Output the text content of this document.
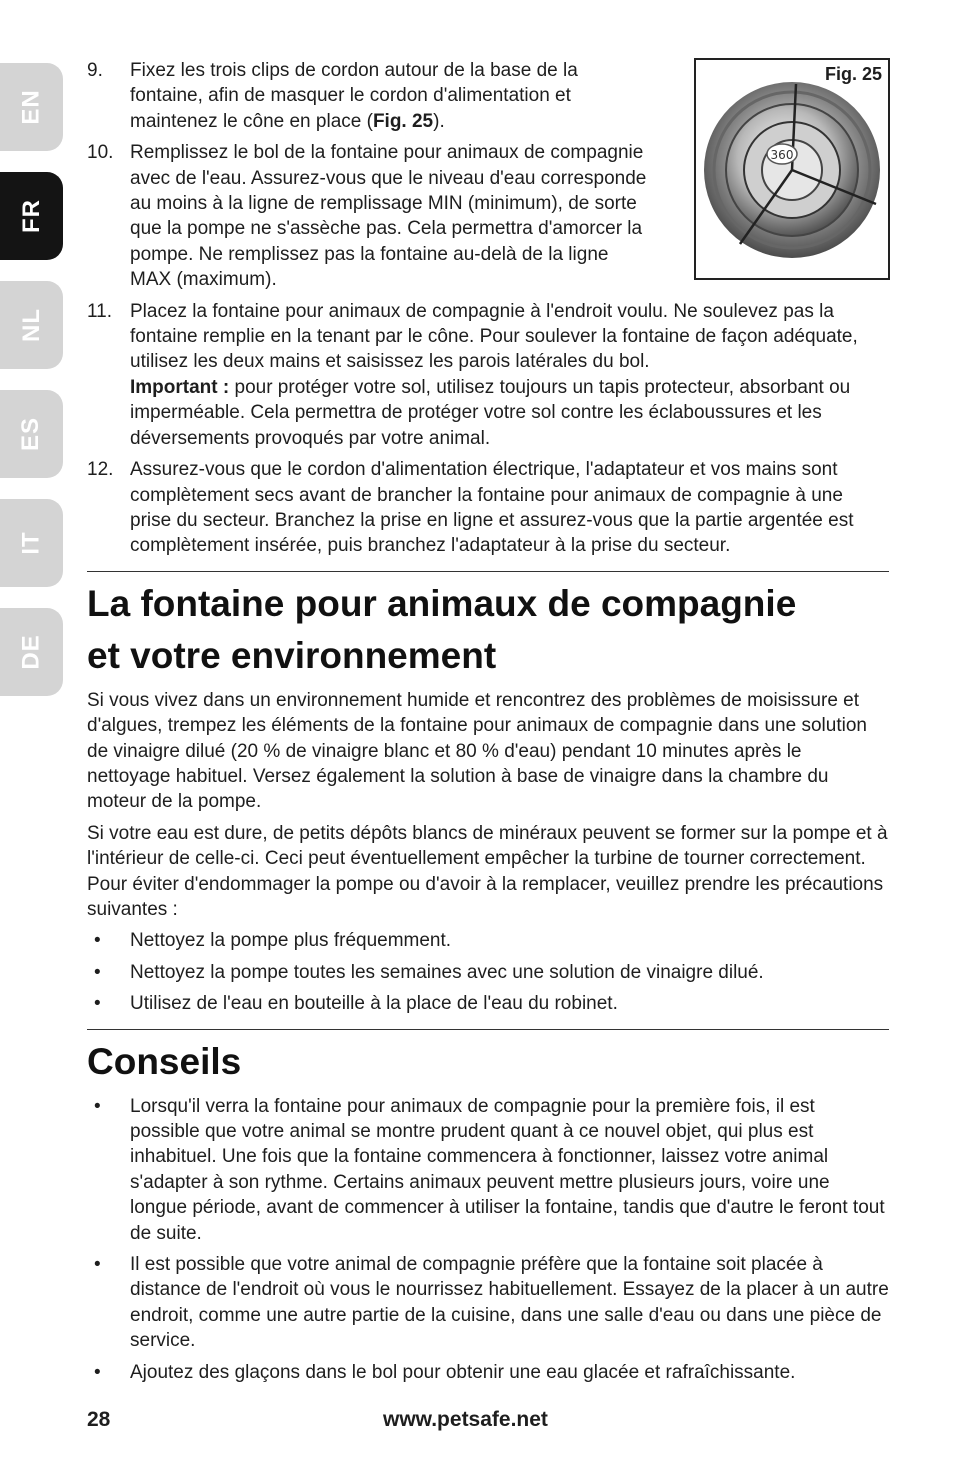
EN
FR
NL
ES
IT
DE
Fig. 25
360
9. Fixez les trois clips de cordon autour de la base de la fontaine, afin de masquer le cordon d'alimentation et maintenez le cône en place (Fig. 25).
10. Remplissez le bol de la fontaine pour animaux de compagnie avec de l'eau. Assurez-vous que le niveau d'eau corresponde au moins à la ligne de remplissage MIN (minimum), de sorte que la pompe ne s'assèche pas. Cela permettra d'amorcer la pompe. Ne remplissez pas la fontaine au-delà de la ligne MAX (maximum).
11. Placez la fontaine pour animaux de compagnie à l'endroit voulu. Ne soulevez pas la fontaine remplie en la tenant par le cône. Pour soulever la fontaine de façon adéquate, utilisez les deux mains et saisissez les parois latérales du bol.
Important : pour protéger votre sol, utilisez toujours un tapis protecteur, absorbant ou imperméable. Cela permettra de protéger votre sol contre les éclaboussures et les déversements provoqués par votre animal.
12. Assurez-vous que le cordon d'alimentation électrique, l'adaptateur et vos mains sont complètement secs avant de brancher la fontaine pour animaux de compagnie à une prise du secteur. Branchez la prise en ligne et assurez-vous que la partie argentée est complètement insérée, puis branchez l'adaptateur à la prise du secteur.
La fontaine pour animaux de compagnie
et votre environnement

Si vous vivez dans un environnement humide et rencontrez des problèmes de moisissure et d'algues, trempez les éléments de la fontaine pour animaux de compagnie dans une solution de vinaigre dilué (20 % de vinaigre blanc et 80 % d'eau) pendant 10 minutes après le nettoyage habituel. Versez également la solution à base de vinaigre dans la chambre du moteur de la pompe.

Si votre eau est dure, de petits dépôts blancs de minéraux peuvent se former sur la pompe et à l'intérieur de celle-ci. Ceci peut éventuellement empêcher la turbine de tourner correctement. Pour éviter d'endommager la pompe ou d'avoir à la remplacer, veuillez prendre les précautions suivantes :

• Nettoyez la pompe plus fréquemment.
• Nettoyez la pompe toutes les semaines avec une solution de vinaigre dilué.
• Utilisez de l'eau en bouteille à la place de l'eau du robinet.
Conseils
• Lorsqu'il verra la fontaine pour animaux de compagnie pour la première fois, il est possible que votre animal se montre prudent quant à ce nouvel objet, qui plus est inhabituel. Une fois que la fontaine commencera à fonctionner, laissez votre animal s'adapter à son rythme. Certains animaux peuvent mettre plusieurs jours, voire une longue période, avant de commencer à utiliser la fontaine, tandis que d'autre le feront tout de suite.
• Il est possible que votre animal de compagnie préfère que la fontaine soit placée à distance de l'endroit où vous le nourrissez habituellement. Essayez de la placer à un autre endroit, comme une autre partie de la cuisine, dans une salle d'eau ou dans une pièce de service.
• Ajoutez des glaçons dans le bol pour obtenir une eau glacée et rafraîchissante.
28	www.petsafe.net
